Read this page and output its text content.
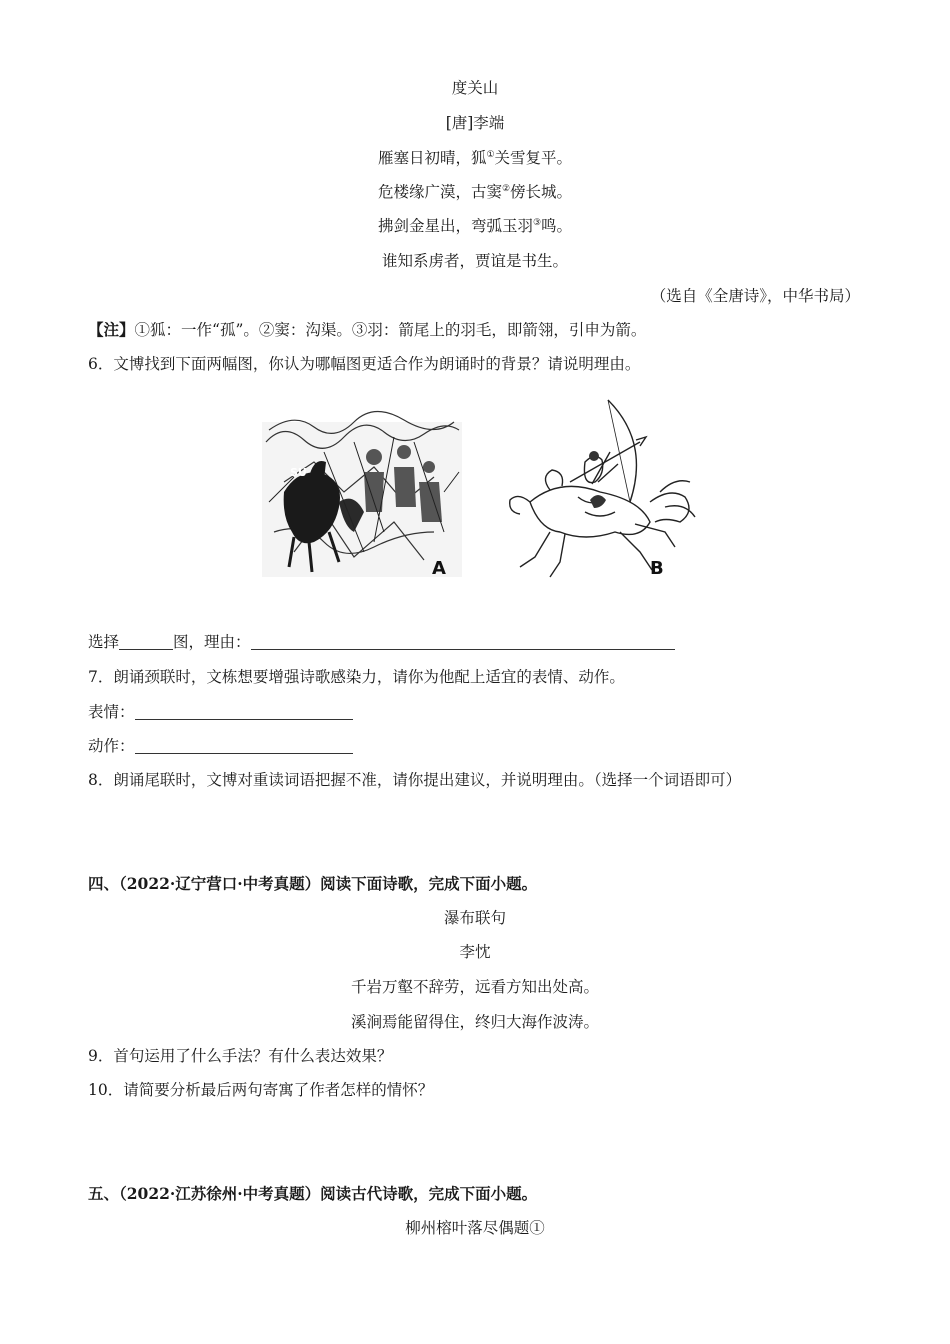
度关山
[唐]李端
雁塞日初晴，狐①关雪复平。
危楼缘广漠，古窦②傍长城。
拂剑金星出，弯弧玉羽③鸣。
谁知系虏者，贾谊是书生。
（选自《全唐诗》，中华书局）
【注】①狐：一作“孤”。②窦：沟渠。③羽：箭尾上的羽毛，即箭翎，引申为箭。
6．文博找到下面两幅图，你认为哪幅图更适合作为朗诵时的背景？请说明理由。
SU
A	B
选择	图，理由：
7．朗诵颈联时，文栋想要增强诗歌感染力，请你为他配上适宜的表情、动作。
表情：
动作：
8．朗诵尾联时，文博对重读词语把握不准，请你提出建议，并说明理由。（选择一个词语即可）
四、（2022·辽宁营口·中考真题）阅读下面诗歌，完成下面小题。
瀑布联句
李忱
千岩万壑不辞劳，远看方知出处高。
溪涧焉能留得住，终归大海作波涛。
9．首句运用了什么手法？有什么表达效果？
10．请简要分析最后两句寄寓了作者怎样的情怀？
五、（2022·江苏徐州·中考真题）阅读古代诗歌，完成下面小题。
柳州榕叶落尽偶题①
